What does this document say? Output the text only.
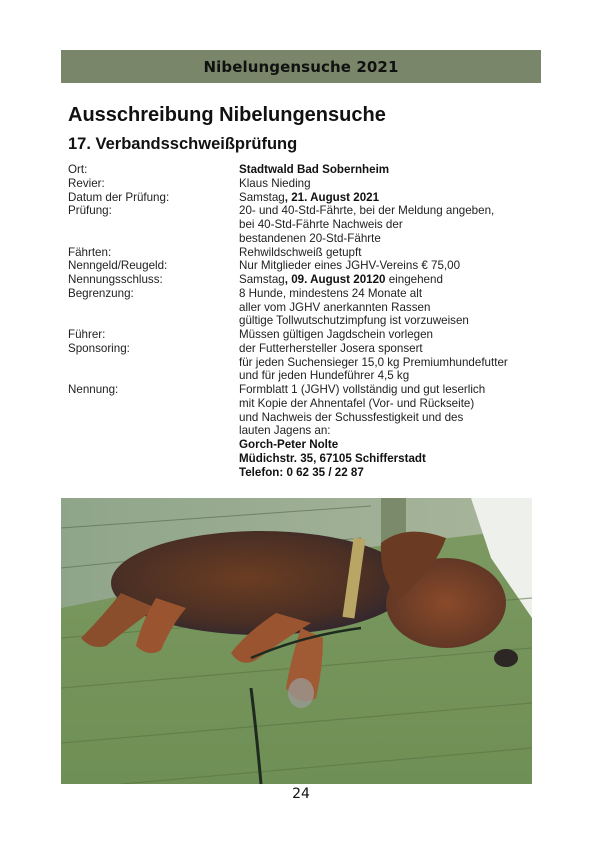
Nibelungensuche 2021
Ausschreibung Nibelungensuche
17. Verbandsschweißprüfung
Ort:	Stadtwald Bad Sobernheim
Revier:	Klaus Nieding
Datum der Prüfung:	Samstag, 21. August 2021
Prüfung:	20- und 40-Std-Fährte, bei der Meldung angeben,
bei 40-Std-Fährte Nachweis der
bestandenen 20-Std-Fährte
Fährten:	Rehwildschweiß getupft
Nenngeld/Reugeld:	Nur Mitglieder eines JGHV-Vereins € 75,00
Nennungsschluss:	Samstag, 09. August 20120 eingehend
Begrenzung:	8 Hunde, mindestens 24 Monate alt
aller vom JGHV anerkannten Rassen
gültige Tollwutschutzimpfung ist vorzuweisen
Führer:	Müssen gültigen Jagdschein vorlegen
Sponsoring:	der Futterhersteller Josera sponsert
für jeden Suchensieger 15,0 kg Premiumhundefutter
und für jeden Hundeführer 4,5 kg
Nennung:	Formblatt 1 (JGHV) vollständig und gut leserlich
mit Kopie der Ahnentafel (Vor- und Rückseite)
und Nachweis der Schussfestigkeit und des
lauten Jagens an:
Gorch-Peter Nolte
Müdichstr. 35, 67105 Schifferstadt
Telefon: 0 62 35 / 22 87
24
